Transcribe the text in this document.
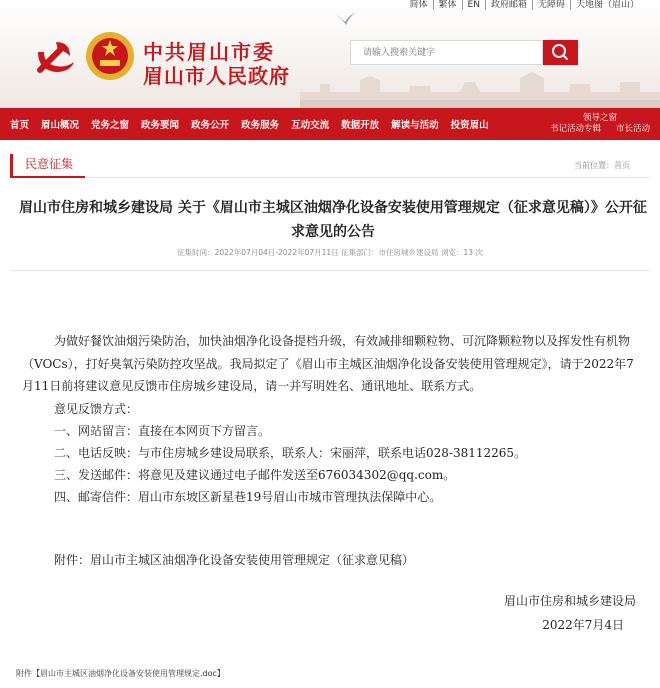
简体	繁体	EN	政府邮箱	无障碍	天地图（眉山）
中共眉山市委
眉山市人民政府
请输入搜索关键字
首页 眉山概况 党务之窗 政务要闻 政务公开 政务服务 互动交流 数据开放 解读与活动 投资眉山
领导之窗
书记活动专辑 市长活动
民意征集	当前位置：首页
眉山市住房和城乡建设局 关于《眉山市主城区油烟净化设备安装使用管理规定（征求意见稿）》公开征求意见的公告
征集时间：2022年07月04日-2022年07月11日 征集部门：市住房城乡建设局 浏览：13 次

为做好餐饮油烟污染防治，加快油烟净化设备提档升级，有效减排细颗粒物、可沉降颗粒物以及挥发性有机物（VOCs），打好臭氧污染防控攻坚战。我局拟定了《眉山市主城区油烟净化设备安装使用管理规定》，请于2022年7月11日前将建议意见反馈市住房城乡建设局，请一并写明姓名、通讯地址、联系方式。

意见反馈方式：

一、网站留言：直接在本网页下方留言。

二、电话反映：与市住房城乡建设局联系，联系人：宋丽萍，联系电话028-38112265。

三、发送邮件：将意见及建议通过电子邮件发送至676034302@qq.com。

四、邮寄信件：眉山市东坡区新星巷19号眉山市城市管理执法保障中心。

附件：眉山市主城区油烟净化设备安装使用管理规定（征求意见稿）
眉山市住房和城乡建设局
2022年7月4日
附件【眉山市主城区油烟净化设备安装使用管理规定.doc】
